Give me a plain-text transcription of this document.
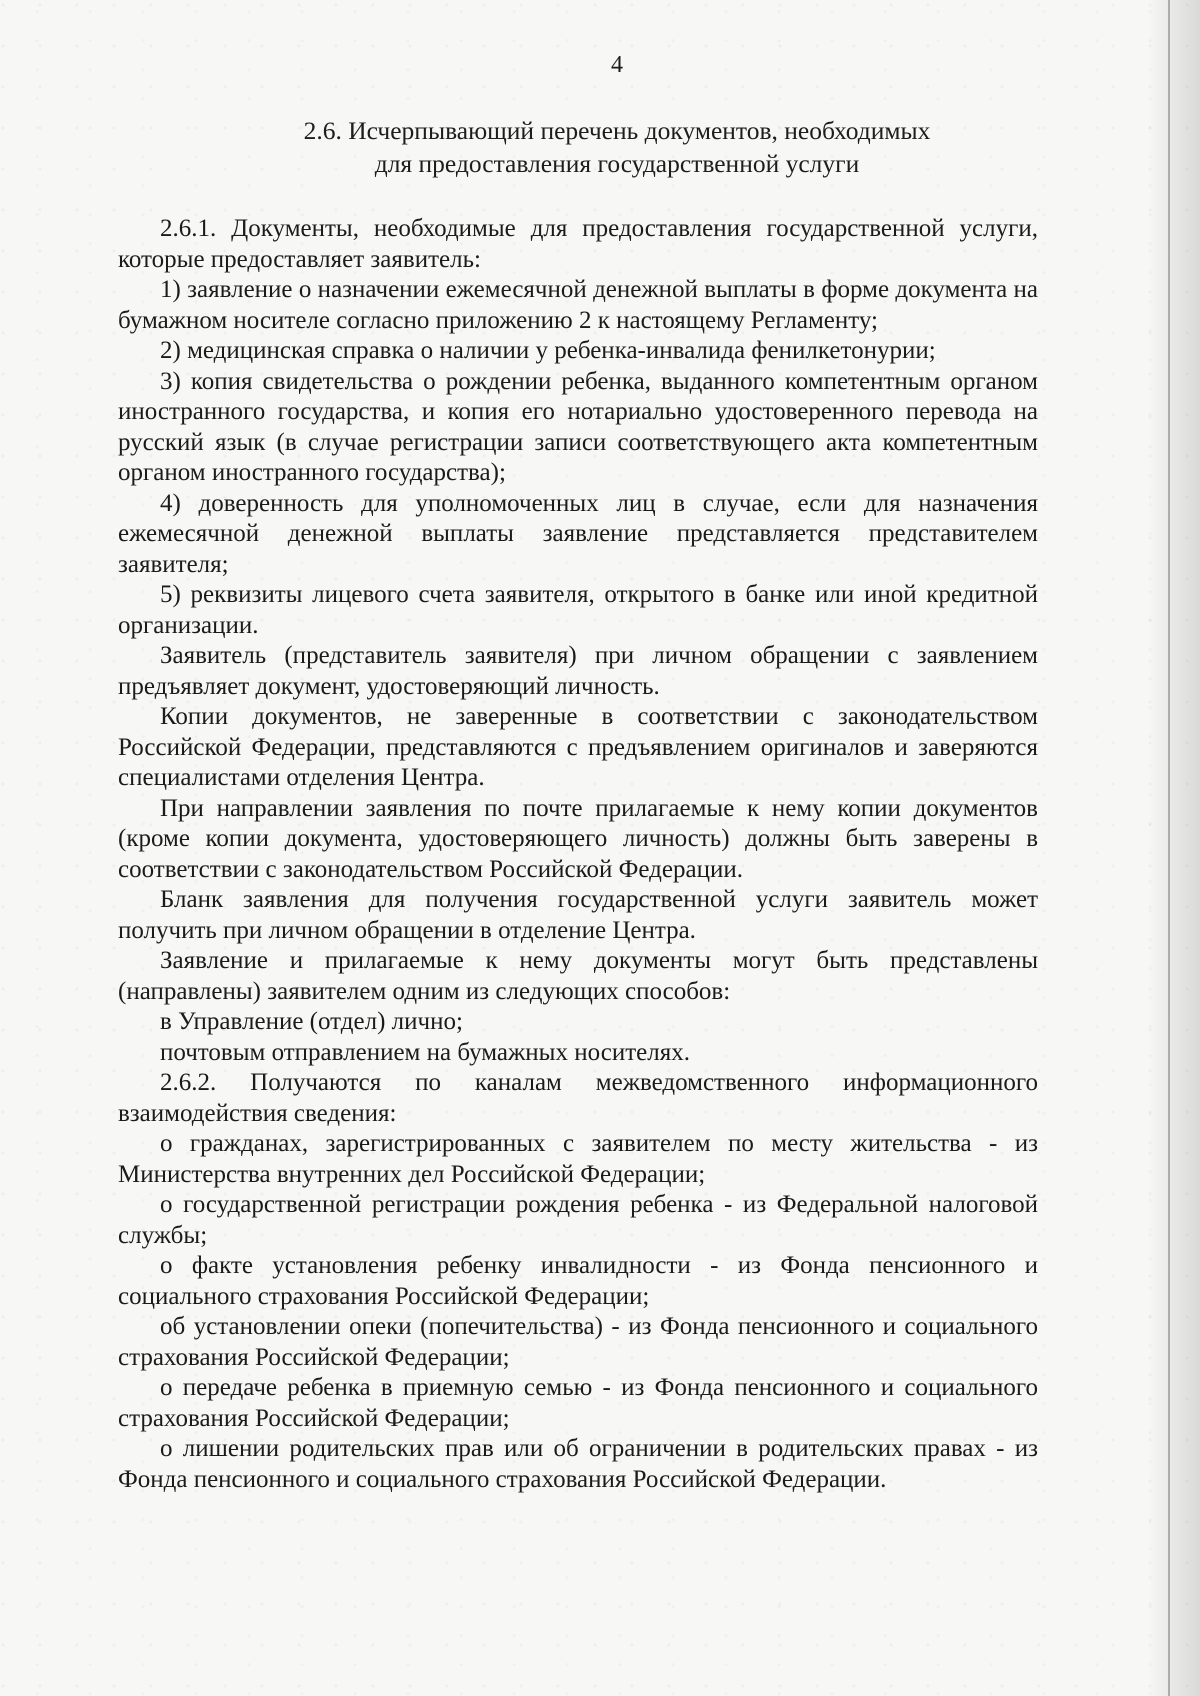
4
2.6. Исчерпывающий перечень документов, необходимых
для предоставления государственной услуги

2.6.1. Документы, необходимые для предоставления государственной услуги, которые предоставляет заявитель:

1) заявление о назначении ежемесячной денежной выплаты в форме документа на бумажном носителе согласно приложению 2 к настоящему Регламенту;

2) медицинская справка о наличии у ребенка-инвалида фенилкетонурии;

3) копия свидетельства о рождении ребенка, выданного компетентным органом иностранного государства, и копия его нотариально удостоверенного перевода на русский язык (в случае регистрации записи соответствующего акта компетентным органом иностранного государства);

4) доверенность для уполномоченных лиц в случае, если для назначения ежемесячной денежной выплаты заявление представляется представителем заявителя;

5) реквизиты лицевого счета заявителя, открытого в банке или иной кредитной организации.

Заявитель (представитель заявителя) при личном обращении с заявлением предъявляет документ, удостоверяющий личность.

Копии документов, не заверенные в соответствии с законодательством Российской Федерации, представляются с предъявлением оригиналов и заверяются специалистами отделения Центра.

При направлении заявления по почте прилагаемые к нему копии документов (кроме копии документа, удостоверяющего личность) должны быть заверены в соответствии с законодательством Российской Федерации.

Бланк заявления для получения государственной услуги заявитель может получить при личном обращении в отделение Центра.

Заявление и прилагаемые к нему документы могут быть представлены (направлены) заявителем одним из следующих способов:

в Управление (отдел) лично;

почтовым отправлением на бумажных носителях.

2.6.2. Получаются по каналам межведомственного информационного взаимодействия сведения:

о гражданах, зарегистрированных с заявителем по месту жительства - из Министерства внутренних дел Российской Федерации;

о государственной регистрации рождения ребенка - из Федеральной налоговой службы;

о факте установления ребенку инвалидности - из Фонда пенсионного и социального страхования Российской Федерации;

об установлении опеки (попечительства) - из Фонда пенсионного и социального страхования Российской Федерации;

о передаче ребенка в приемную семью - из Фонда пенсионного и социального страхования Российской Федерации;

о лишении родительских прав или об ограничении в родительских правах - из Фонда пенсионного и социального страхования Российской Федерации.
